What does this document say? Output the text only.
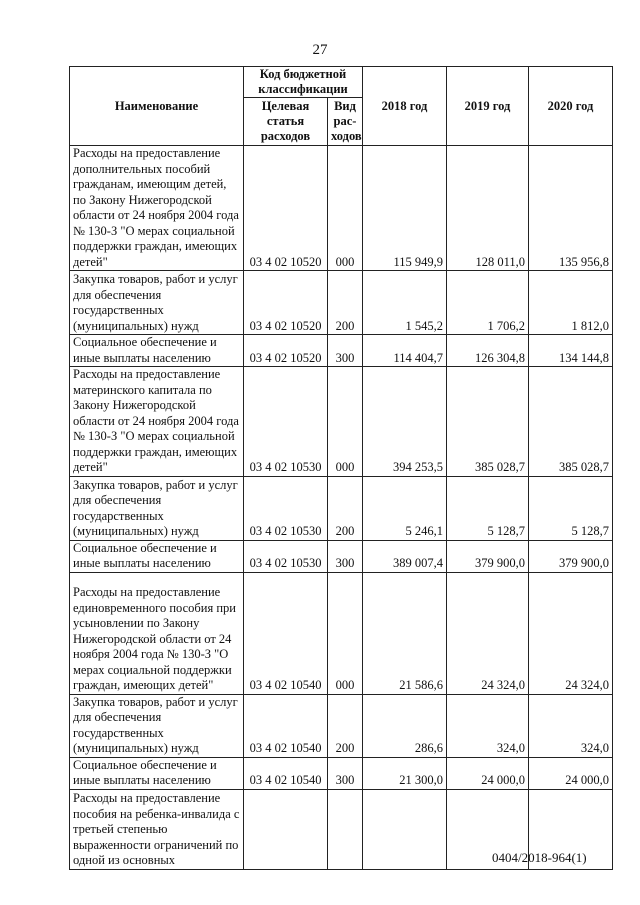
27
Наименование	Код бюджетной классификации		2018 год	2019 год	2020 год
	Целевая статья расходов	Вид рас-ходов			
Расходы на предоставление дополнительных пособий гражданам, имеющим детей, по Закону Нижегородской области от 24 ноября 2004 года № 130-З "О мерах социальной поддержки граждан, имеющих детей"	03 4 02 10520	000	115 949,9	128 011,0	135 956,8
Закупка товаров, работ и услуг для обеспечения государственных (муниципальных) нужд	03 4 02 10520	200	1 545,2	1 706,2	1 812,0
Социальное обеспечение и иные выплаты населению	03 4 02 10520	300	114 404,7	126 304,8	134 144,8
Расходы на предоставление материнского капитала по Закону Нижегородской области от 24 ноября 2004 года № 130-З "О мерах социальной поддержки граждан, имеющих детей"	03 4 02 10530	000	394 253,5	385 028,7	385 028,7
Закупка товаров, работ и услуг для обеспечения государственных (муниципальных) нужд	03 4 02 10530	200	5 246,1	5 128,7	5 128,7
Социальное обеспечение и иные выплаты населению	03 4 02 10530	300	389 007,4	379 900,0	379 900,0
Расходы на предоставление единовременного пособия при усыновлении по Закону Нижегородской области от 24 ноября 2004 года № 130-З "О мерах социальной поддержки граждан, имеющих детей"	03 4 02 10540	000	21 586,6	24 324,0	24 324,0
Закупка товаров, работ и услуг для обеспечения государственных (муниципальных) нужд	03 4 02 10540	200	286,6	324,0	324,0
Социальное обеспечение и иные выплаты населению	03 4 02 10540	300	21 300,0	24 000,0	24 000,0
Расходы на предоставление пособия на ребенка-инвалида с третьей степенью выраженности ограничений по одной из основных						0404/2018-964(1)
